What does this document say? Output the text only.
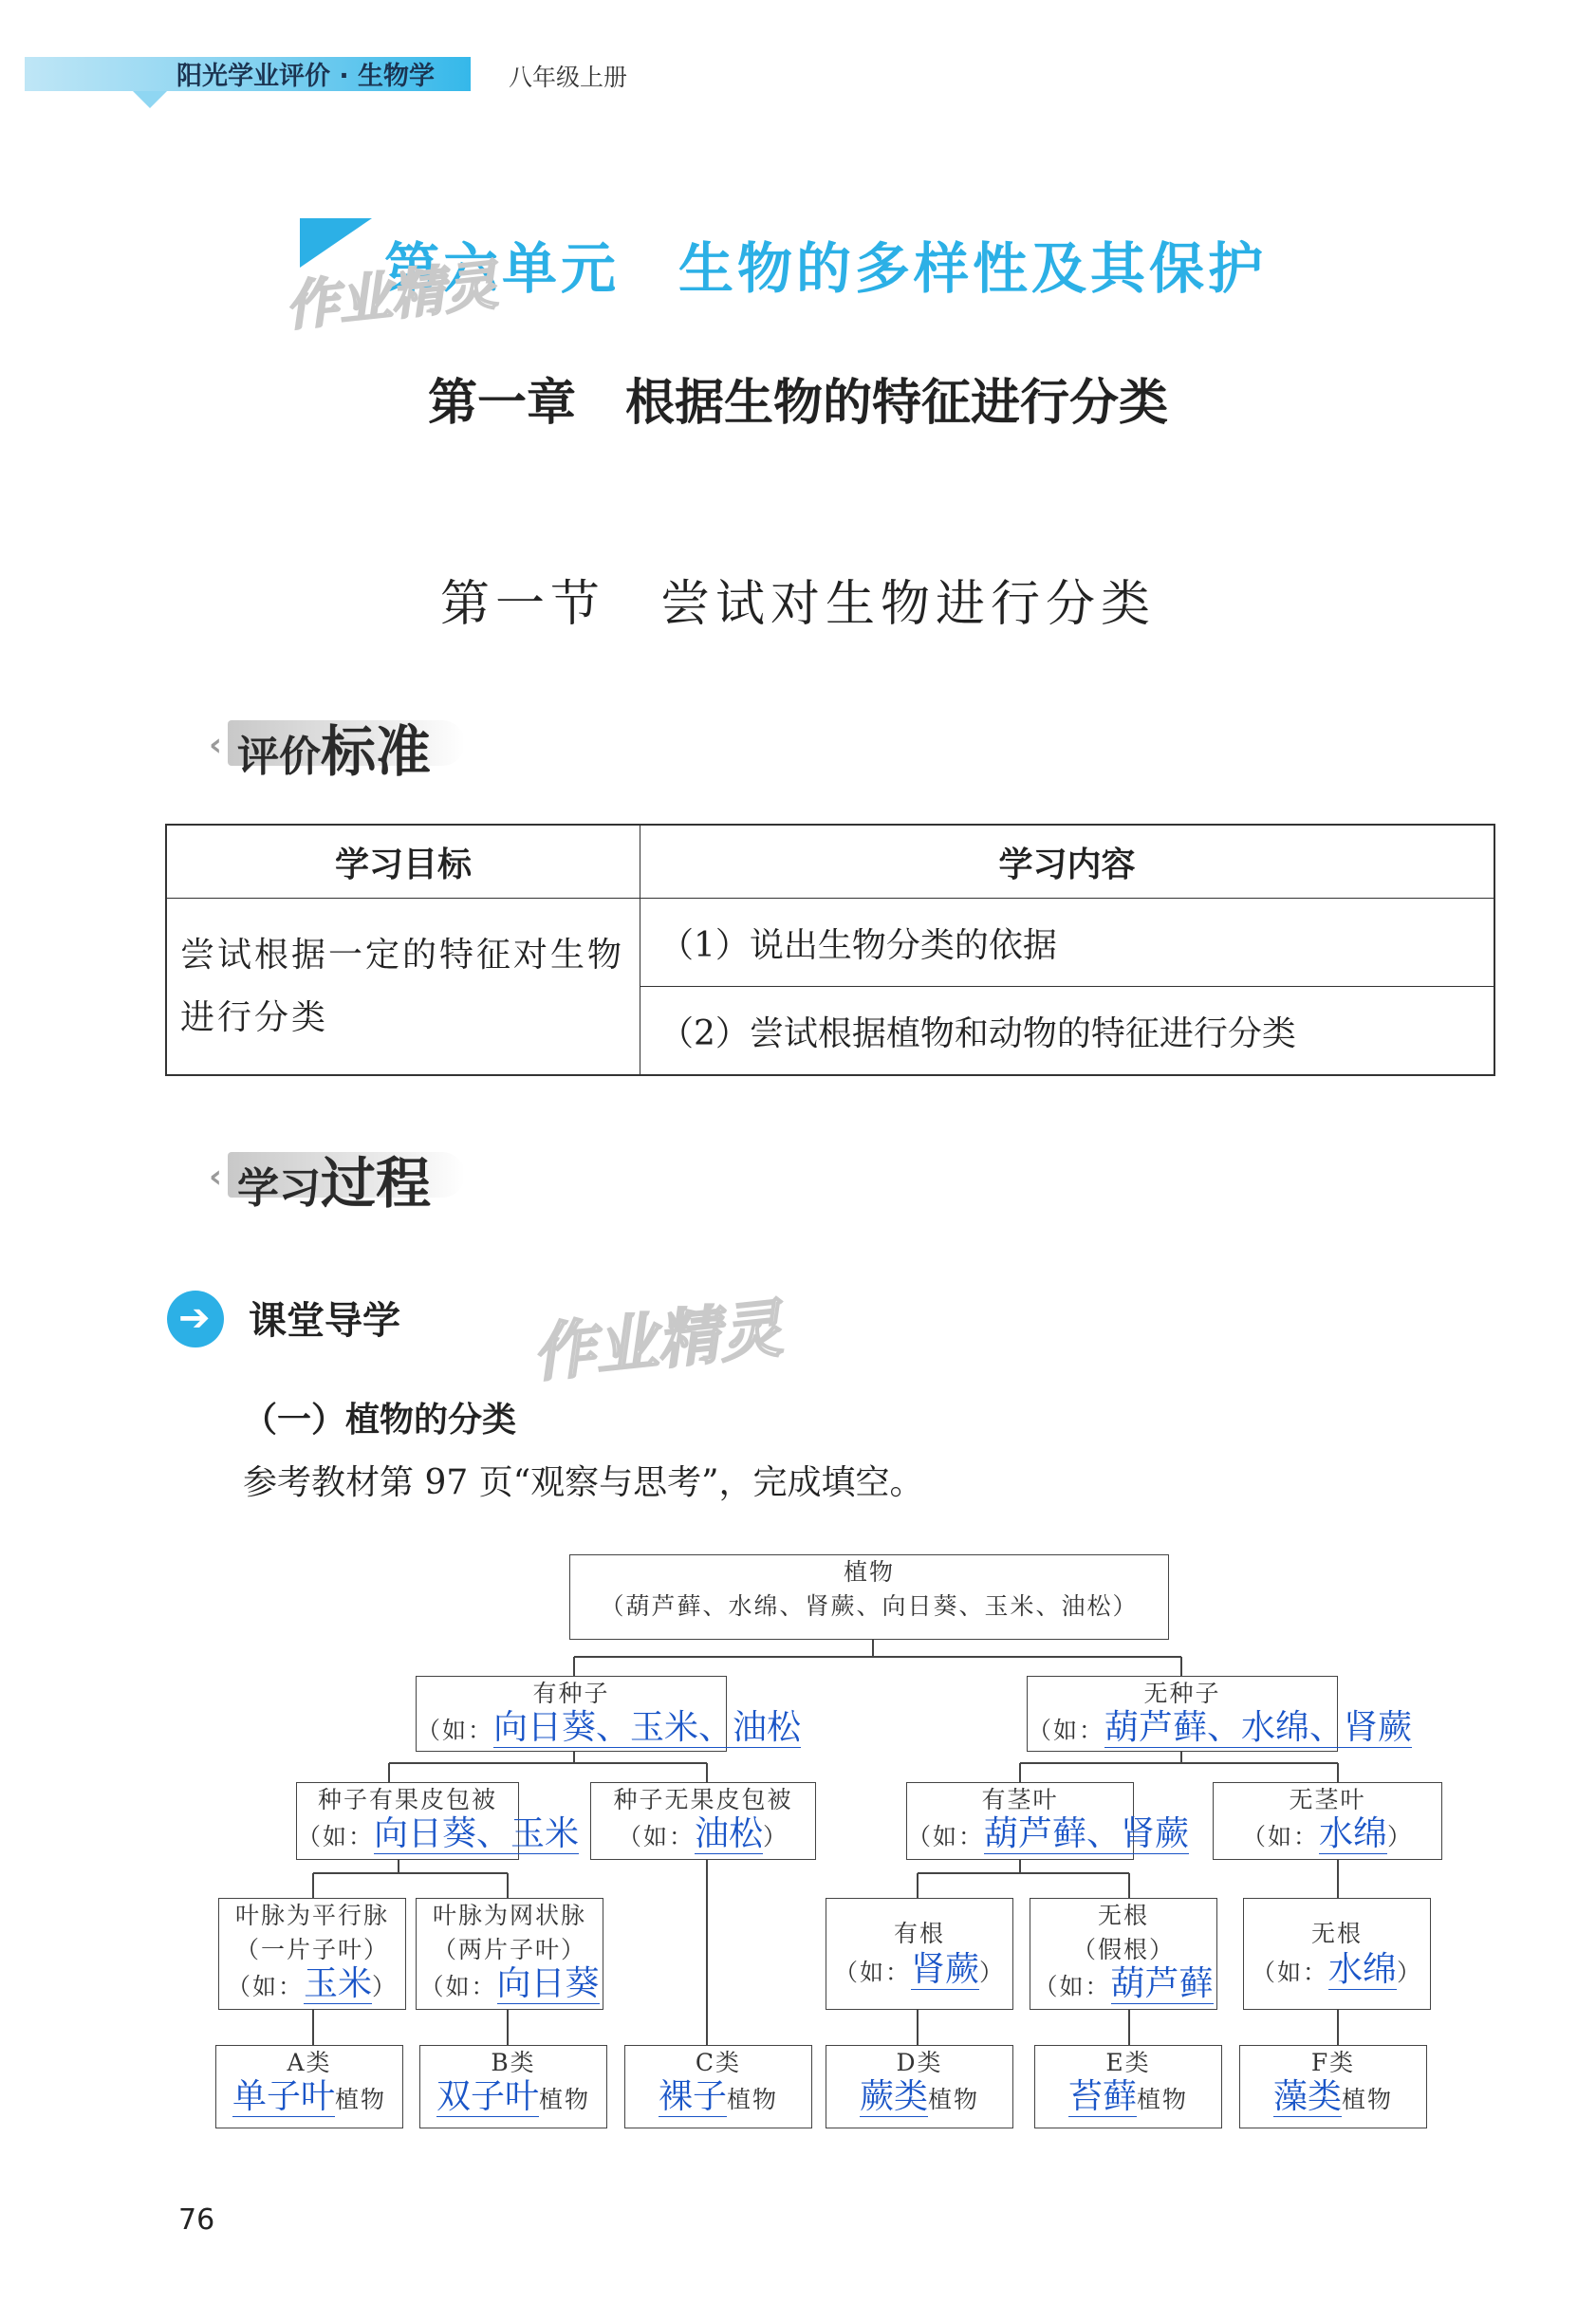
阳光学业评价 · 生物学	八年级上册
第六单元　生物的多样性及其保护
作业精灵
第一章　根据生物的特征进行分类
第一节　尝试对生物进行分类
‹ 评价标准
学习目标	学习内容
尝试根据一定的特征对生物进行分类	（1）说出生物分类的依据
	（2）尝试根据植物和动物的特征进行分类
‹ 学习过程
➔ 课堂导学 作业精灵
（一）植物的分类
参考教材第 97 页“观察与思考”，完成填空。
植物
（葫芦藓、水绵、肾蕨、向日葵、玉米、油松）
有种子
（如：向日葵、玉米、油松
无种子
（如：葫芦藓、水绵、肾蕨
种子有果皮包被
（如：向日葵、玉米
种子无果皮包被
（如：油松）
有茎叶
（如：葫芦藓、肾蕨
无茎叶
（如：水绵）
叶脉为平行脉
（一片子叶）
（如：玉米）
叶脉为网状脉
（两片子叶）
（如：向日葵
有根
（如：肾蕨）
无根
（假根）
（如：葫芦藓
无根
（如：水绵）
A类
单子叶植物
B类
双子叶植物
C类
裸子植物
D类
蕨类植物
E类
苔藓植物
F类
藻类植物
76
